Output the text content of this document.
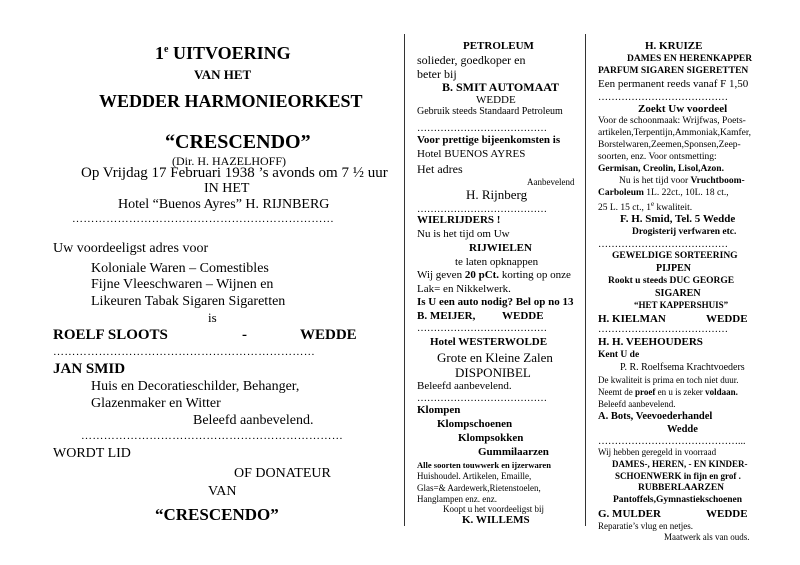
1e UITVOERING
VAN HET
WEDDER HARMONIEORKEST
“CRESCENDO”
(Dir. H. HAZELHOFF)
Op Vrijdag 17 Februari 1938 ’s avonds om 7 ½ uur
IN HET
Hotel “Buenos Ayres” H. RIJNBERG
……………………………………………………………
Uw voordeeligst adres voor
Koloniale Waren – Comestibles
Fijne Vleeschwaren – Wijnen en
Likeuren Tabak Sigaren Sigaretten
is
ROELF SLOOTS	-	WEDDE
……………………………………………………………
JAN SMID
Huis en Decoratieschilder, Behanger,
Glazenmaker en Witter
Beleefd aanbevelend.
……………………………………………………………
WORDT LID
OF DONATEUR
VAN
“CRESCENDO”
PETROLEUM
solieder, goedkoper en
beter bij
B. SMIT AUTOMAAT
WEDDE
Gebruik steeds Standaard Petroleum
…………………………………
Voor prettige bijeenkomsten is
Hotel BUENOS AYRES
Het adres
Aanbevelend
H. Rijnberg
…………………………………
WIELRIJDERS !
Nu is het tijd om Uw
RIJWIELEN
te laten opknappen
Wij geven 20 pCt. korting op onze
Lak= en Nikkelwerk.
Is U een auto nodig? Bel op no 13
B. MEIJER, WEDDE
…………………………………
Hotel WESTERWOLDE
Grote en Kleine Zalen
DISPONIBEL
Beleefd aanbevelend.
…………………………………
Klompen
Klompschoenen
Klompsokken
Gummilaarzen
Alle soorten touwwerk en ijzerwaren
Huishoudel. Artikelen, Emaille,
Glas=& Aardewerk,Rietenstoelen,
Hanglampen enz. enz.
Koopt u het voordeeligst bij
K. WILLEMS
H. KRUIZE
DAMES EN HERENKAPPER
PARFUM SIGAREN SIGERETTEN
Een permanent reeds vanaf F 1,50
…………………………………
Zoekt Uw voordeel
Voor de schoonmaak: Wrijfwas, Poets-
artikelen,Terpentijn,Ammoniak,Kamfer,
Borstelwaren,Zeemen,Sponsen,Zeep-
soorten, enz. Voor ontsmetting:
Germisan, Creolin, Lisol,Azon.
Nu is het tijd voor Vruchtboom-
Carboleum 1L. 22ct., 10L. 18 ct.,
25 L. 15 ct., 1e kwaliteit.
F. H. Smid, Tel. 5 Wedde
Drogisterij verfwaren etc.
…………………………………
GEWELDIGE SORTEERING
PIJPEN
Rookt u steeds DUC GEORGE
SIGAREN
“HET KAPPERSHUIS”
H. KIELMAN	WEDDE
…………………………………
H. H. VEEHOUDERS
Kent U de
P. R. Roelfsema Krachtvoeders
De kwaliteit is prima en toch niet duur.
Neemt de proef en u is zeker voldaan.
Beleefd aanbevelend.
A. Bots, Veevoederhandel
Wedde
……………………………………...
Wij hebben geregeld in voorraad
DAMES-, HEREN, - EN KINDER-
SCHOENWERK in fijn en grof .
RUBBERLAARZEN
Pantoffels,Gymnastiekschoenen
G. MULDER	WEDDE
Reparatie’s vlug en netjes.
Maatwerk als van ouds.
